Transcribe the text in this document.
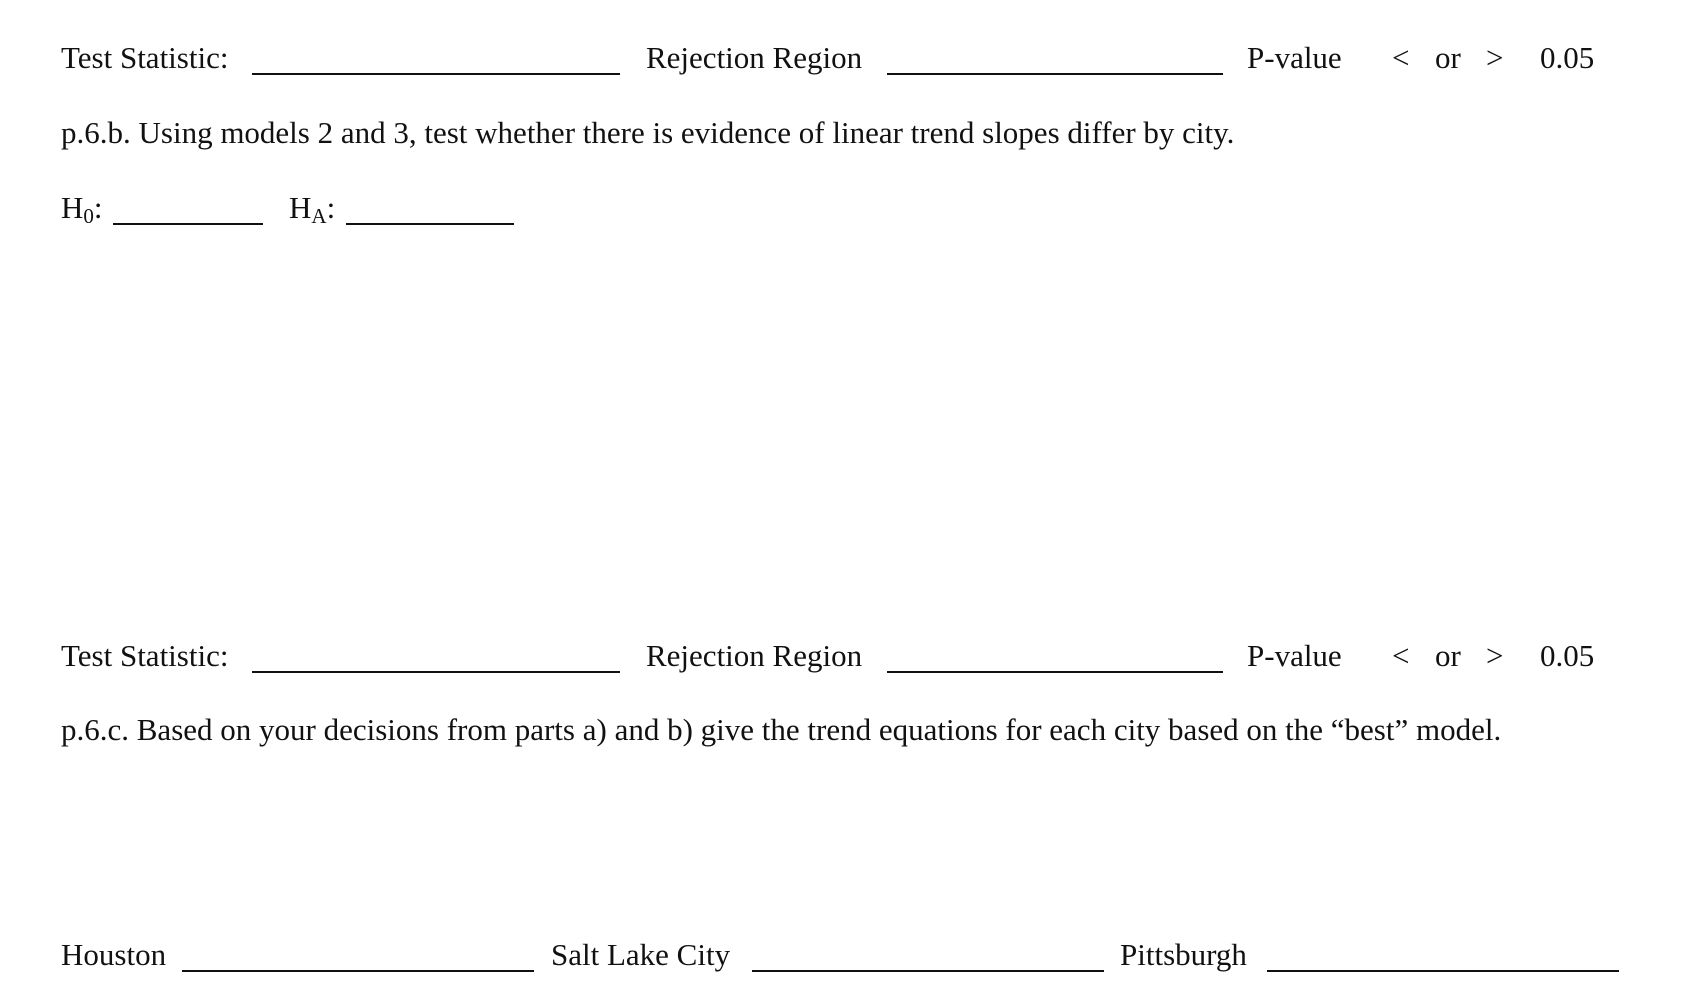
Test Statistic:	Rejection Region	P-value < or > 0.05
p.6.b. Using models 2 and 3, test whether there is evidence of linear trend slopes differ by city.
$H_0$:	$H_A$:
Test Statistic:	Rejection Region	P-value < or > 0.05
p.6.c. Based on your decisions from parts a) and b) give the trend equations for each city based on the “best” model.
Houston	Salt Lake City	Pittsburgh
